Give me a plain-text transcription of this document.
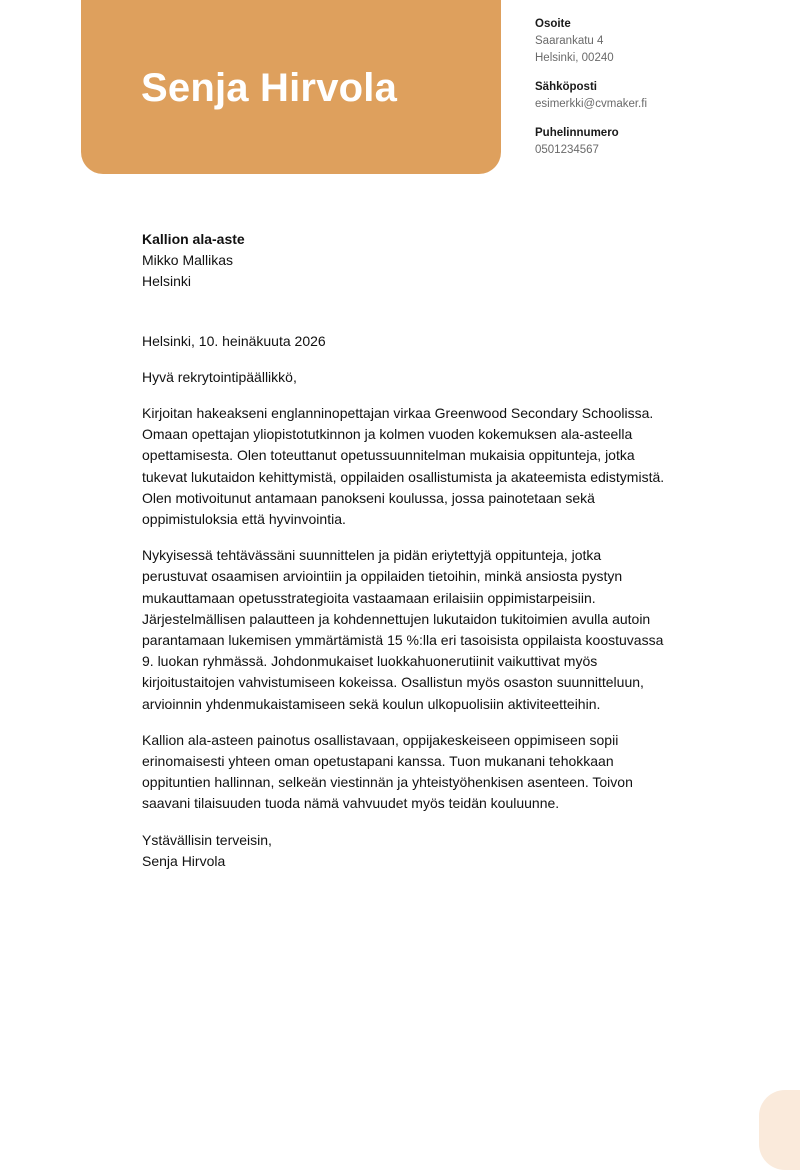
Senja Hirvola
Osoite
Saarankatu 4
Helsinki, 00240
Sähköposti
esimerkki@cvmaker.fi
Puhelinnumero
0501234567
Kallion ala-aste
Mikko Mallikas
Helsinki
Helsinki, 10. heinäkuuta 2026
Hyvä rekrytointipäällikkö,

Kirjoitan hakeakseni englanninopettajan virkaa Greenwood Secondary Schoolissa. Omaan opettajan yliopistotutkinnon ja kolmen vuoden kokemuksen ala-asteella opettamisesta. Olen toteuttanut opetussuunnitelman mukaisia oppitunteja, jotka tukevat lukutaidon kehittymistä, oppilaiden osallistumista ja akateemista edistymistä. Olen motivoitunut antamaan panokseni koulussa, jossa painotetaan sekä oppimistuloksia että hyvinvointia.

Nykyisessä tehtävässäni suunnittelen ja pidän eriytettyjä oppitunteja, jotka perustuvat osaamisen arviointiin ja oppilaiden tietoihin, minkä ansiosta pystyn mukauttamaan opetusstrategioita vastaamaan erilaisiin oppimistarpeisiin. Järjestelmällisen palautteen ja kohdennettujen lukutaidon tukitoimien avulla autoin parantamaan lukemisen ymmärtämistä 15 %:lla eri tasoisista oppilaista koostuvassa 9. luokan ryhmässä. Johdonmukaiset luokkahuonerutiinit vaikuttivat myös kirjoitustaitojen vahvistumiseen kokeissa. Osallistun myös osaston suunnitteluun, arvioinnin yhdenmukaistamiseen sekä koulun ulkopuolisiin aktiviteetteihin.

Kallion ala-asteen painotus osallistavaan, oppijakeskeiseen oppimiseen sopii erinomaisesti yhteen oman opetustapani kanssa. Tuon mukanani tehokkaan oppituntien hallinnan, selkeän viestinnän ja yhteistyöhenkisen asenteen. Toivon saavani tilaisuuden tuoda nämä vahvuudet myös teidän kouluunne.

Ystävällisin terveisin,
Senja Hirvola
